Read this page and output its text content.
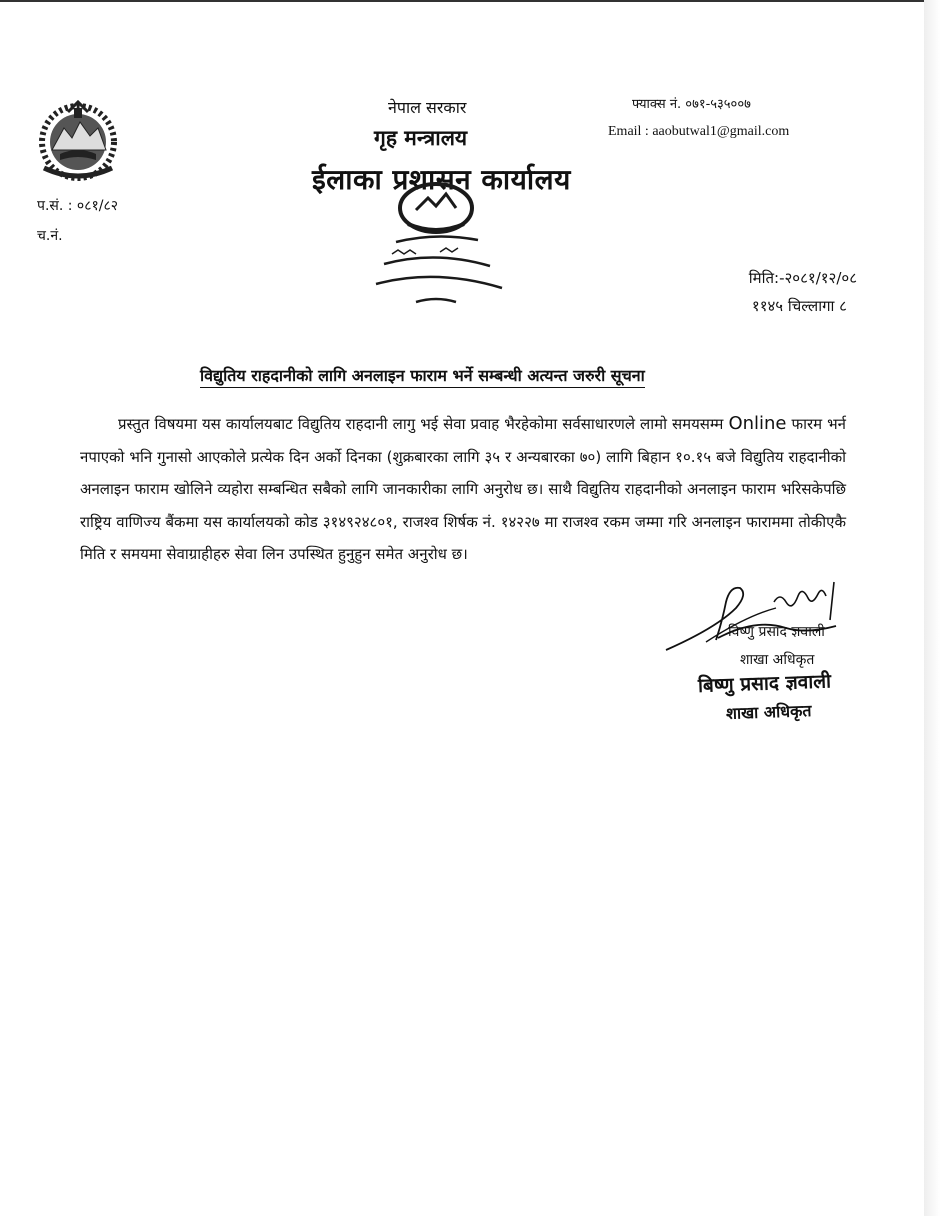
नेपाल सरकार
गृह मन्त्रालय
ईलाका प्रशासन कार्यालय
फ्याक्स नं. ०७१-५३५००७
Email : aaobutwal1@gmail.com
प.सं. : ०८१/८२
च.नं.
मिति:-२०८१/१२/०८
११४५ चिल्लागा ८
विद्युतिय राहदानीको लागि अनलाइन फाराम भर्ने सम्बन्धी अत्यन्त जरुरी सूचना
प्रस्तुत विषयमा यस कार्यालयबाट विद्युतिय राहदानी लागु भई सेवा प्रवाह भैरहेकोमा सर्वसाधारणले लामो समयसम्म Online फारम भर्न नपाएको भनि गुनासो आएकोले प्रत्येक दिन अर्को दिनका (शुक्रबारका लागि ३५ र अन्यबारका ७०) लागि बिहान १०.१५ बजे विद्युतिय राहदानीको अनलाइन फाराम खोलिने व्यहोरा सम्बन्धित सबैको लागि जानकारीका लागि अनुरोध छ। साथै विद्युतिय राहदानीको अनलाइन फाराम भरिसकेपछि राष्ट्रिय वाणिज्य बैंकमा यस कार्यालयको कोड ३१४९२४८०१, राजश्व शिर्षक नं. १४२२७ मा राजश्व रकम जम्मा गरि अनलाइन फाराममा तोकीएकै मिति र समयमा सेवाग्राहीहरु सेवा लिन उपस्थित हुनुहुन समेत अनुरोध छ।
विष्णु प्रसाद ज्ञवाली
शाखा अधिकृत
बिष्णु प्रसाद ज्ञवाली
शाखा अधिकृत
